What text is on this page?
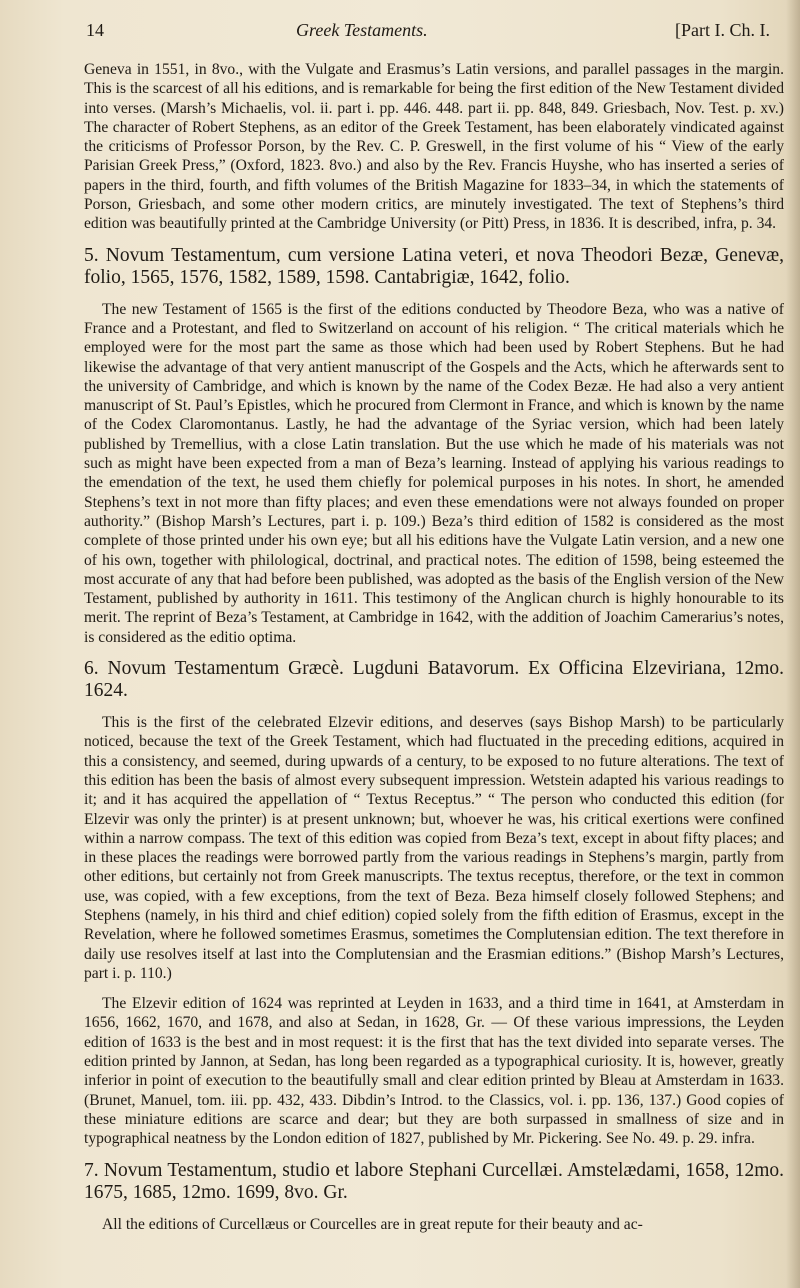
14	Greek Testaments.	[Part I. Ch. I.

Geneva in 1551, in 8vo., with the Vulgate and Erasmus’s Latin versions, and parallel passages in the margin. This is the scarcest of all his editions, and is remarkable for being the first edition of the New Testament divided into verses. (Marsh’s Michaelis, vol. ii. part i. pp. 446. 448. part ii. pp. 848, 849. Griesbach, Nov. Test. p. xv.) The character of Robert Stephens, as an editor of the Greek Testament, has been elaborately vindicated against the criticisms of Professor Porson, by the Rev. C. P. Greswell, in the first volume of his “ View of the early Parisian Greek Press,” (Oxford, 1823. 8vo.) and also by the Rev. Francis Huyshe, who has inserted a series of papers in the third, fourth, and fifth volumes of the British Magazine for 1833–34, in which the statements of Porson, Griesbach, and some other modern critics, are minutely investigated. The text of Stephens’s third edition was beautifully printed at the Cambridge University (or Pitt) Press, in 1836. It is described, infra, p. 34.

5. Novum Testamentum, cum versione Latina veteri, et nova Theodori Bezæ, Genevæ, folio, 1565, 1576, 1582, 1589, 1598. Cantabrigiæ, 1642, folio.

The new Testament of 1565 is the first of the editions conducted by Theodore Beza, who was a native of France and a Protestant, and fled to Switzerland on account of his religion. “ The critical materials which he employed were for the most part the same as those which had been used by Robert Stephens. But he had likewise the advantage of that very antient manuscript of the Gospels and the Acts, which he afterwards sent to the university of Cambridge, and which is known by the name of the Codex Bezæ. He had also a very antient manuscript of St. Paul’s Epistles, which he procured from Clermont in France, and which is known by the name of the Codex Claromontanus. Lastly, he had the advantage of the Syriac version, which had been lately published by Tremellius, with a close Latin translation. But the use which he made of his materials was not such as might have been expected from a man of Beza’s learning. Instead of applying his various readings to the emendation of the text, he used them chiefly for polemical purposes in his notes. In short, he amended Stephens’s text in not more than fifty places; and even these emendations were not always founded on proper authority.” (Bishop Marsh’s Lectures, part i. p. 109.) Beza’s third edition of 1582 is considered as the most complete of those printed under his own eye; but all his editions have the Vulgate Latin version, and a new one of his own, together with philological, doctrinal, and practical notes. The edition of 1598, being esteemed the most accurate of any that had before been published, was adopted as the basis of the English version of the New Testament, published by authority in 1611. This testimony of the Anglican church is highly honourable to its merit. The reprint of Beza’s Testament, at Cambridge in 1642, with the addition of Joachim Camerarius’s notes, is considered as the editio optima.

6. Novum Testamentum Græcè. Lugduni Batavorum. Ex Officina Elzeviriana, 12mo. 1624.

This is the first of the celebrated Elzevir editions, and deserves (says Bishop Marsh) to be particularly noticed, because the text of the Greek Testament, which had fluctuated in the preceding editions, acquired in this a consistency, and seemed, during upwards of a century, to be exposed to no future alterations. The text of this edition has been the basis of almost every subsequent impression. Wetstein adapted his various readings to it; and it has acquired the appellation of “ Textus Receptus.” “ The person who conducted this edition (for Elzevir was only the printer) is at present unknown; but, whoever he was, his critical exertions were confined within a narrow compass. The text of this edition was copied from Beza’s text, except in about fifty places; and in these places the readings were borrowed partly from the various readings in Stephens’s margin, partly from other editions, but certainly not from Greek manuscripts. The textus receptus, therefore, or the text in common use, was copied, with a few exceptions, from the text of Beza. Beza himself closely followed Stephens; and Stephens (namely, in his third and chief edition) copied solely from the fifth edition of Erasmus, except in the Revelation, where he followed sometimes Erasmus, sometimes the Complutensian edition. The text therefore in daily use resolves itself at last into the Complutensian and the Erasmian editions.” (Bishop Marsh’s Lectures, part i. p. 110.)

The Elzevir edition of 1624 was reprinted at Leyden in 1633, and a third time in 1641, at Amsterdam in 1656, 1662, 1670, and 1678, and also at Sedan, in 1628, Gr. — Of these various impressions, the Leyden edition of 1633 is the best and in most request: it is the first that has the text divided into separate verses. The edition printed by Jannon, at Sedan, has long been regarded as a typographical curiosity. It is, however, greatly inferior in point of execution to the beautifully small and clear edition printed by Bleau at Amsterdam in 1633. (Brunet, Manuel, tom. iii. pp. 432, 433. Dibdin’s Introd. to the Classics, vol. i. pp. 136, 137.) Good copies of these miniature editions are scarce and dear; but they are both surpassed in smallness of size and in typographical neatness by the London edition of 1827, published by Mr. Pickering. See No. 49. p. 29. infra.

7. Novum Testamentum, studio et labore Stephani Curcellæi. Amstelædami, 1658, 12mo. 1675, 1685, 12mo. 1699, 8vo. Gr.

All the editions of Curcellæus or Courcelles are in great repute for their beauty and ac-
